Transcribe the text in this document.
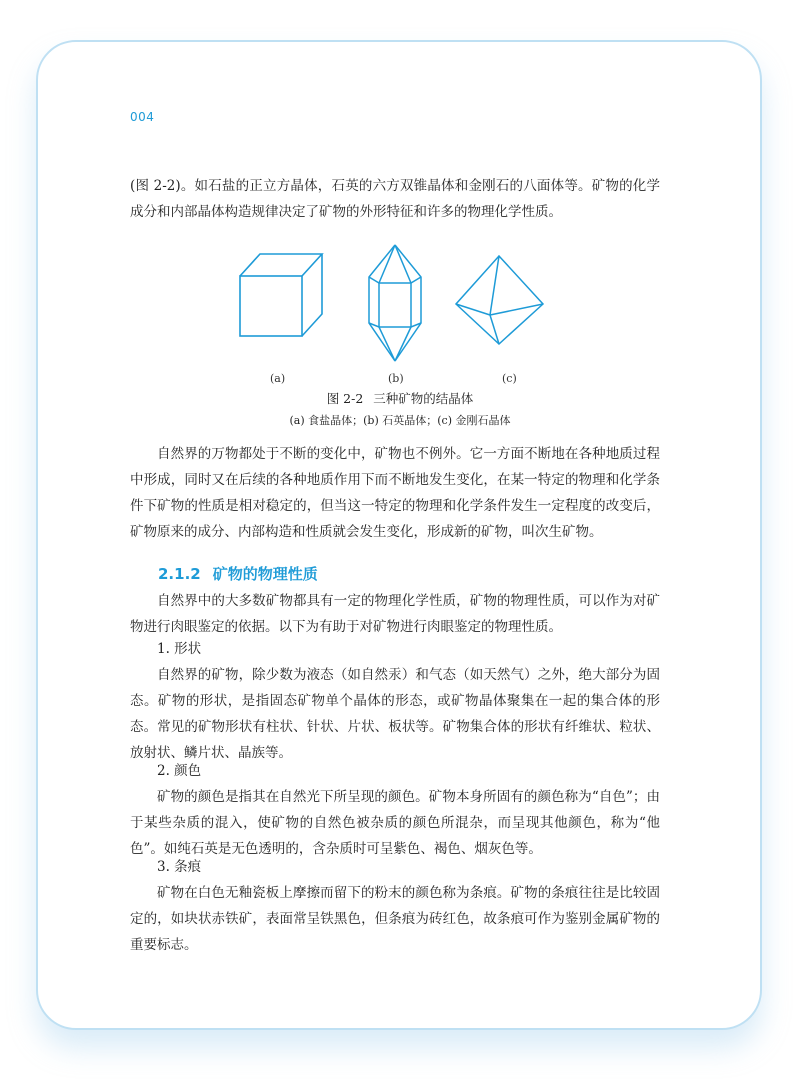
004

(图 2-2)。如石盐的正立方晶体，石英的六方双锥晶体和金刚石的八面体等。矿物的化学成分和内部晶体构造规律决定了矿物的外形特征和许多的物理化学性质。

(a)	(b)	(c)
图 2-2 三种矿物的结晶体
(a) 食盐晶体；(b) 石英晶体；(c) 金刚石晶体

自然界的万物都处于不断的变化中，矿物也不例外。它一方面不断地在各种地质过程中形成，同时又在后续的各种地质作用下而不断地发生变化，在某一特定的物理和化学条件下矿物的性质是相对稳定的，但当这一特定的物理和化学条件发生一定程度的改变后，矿物原来的成分、内部构造和性质就会发生变化，形成新的矿物，叫次生矿物。

2.1.2 矿物的物理性质

自然界中的大多数矿物都具有一定的物理化学性质，矿物的物理性质，可以作为对矿物进行肉眼鉴定的依据。以下为有助于对矿物进行肉眼鉴定的物理性质。

1. 形状

自然界的矿物，除少数为液态（如自然汞）和气态（如天然气）之外，绝大部分为固态。矿物的形状，是指固态矿物单个晶体的形态，或矿物晶体聚集在一起的集合体的形态。常见的矿物形状有柱状、针状、片状、板状等。矿物集合体的形状有纤维状、粒状、放射状、鳞片状、晶族等。

2. 颜色

矿物的颜色是指其在自然光下所呈现的颜色。矿物本身所固有的颜色称为“自色”；由于某些杂质的混入，使矿物的自然色被杂质的颜色所混杂，而呈现其他颜色，称为“他色”。如纯石英是无色透明的，含杂质时可呈紫色、褐色、烟灰色等。

3. 条痕

矿物在白色无釉瓷板上摩擦而留下的粉末的颜色称为条痕。矿物的条痕往往是比较固定的，如块状赤铁矿，表面常呈铁黑色，但条痕为砖红色，故条痕可作为鉴别金属矿物的重要标志。
